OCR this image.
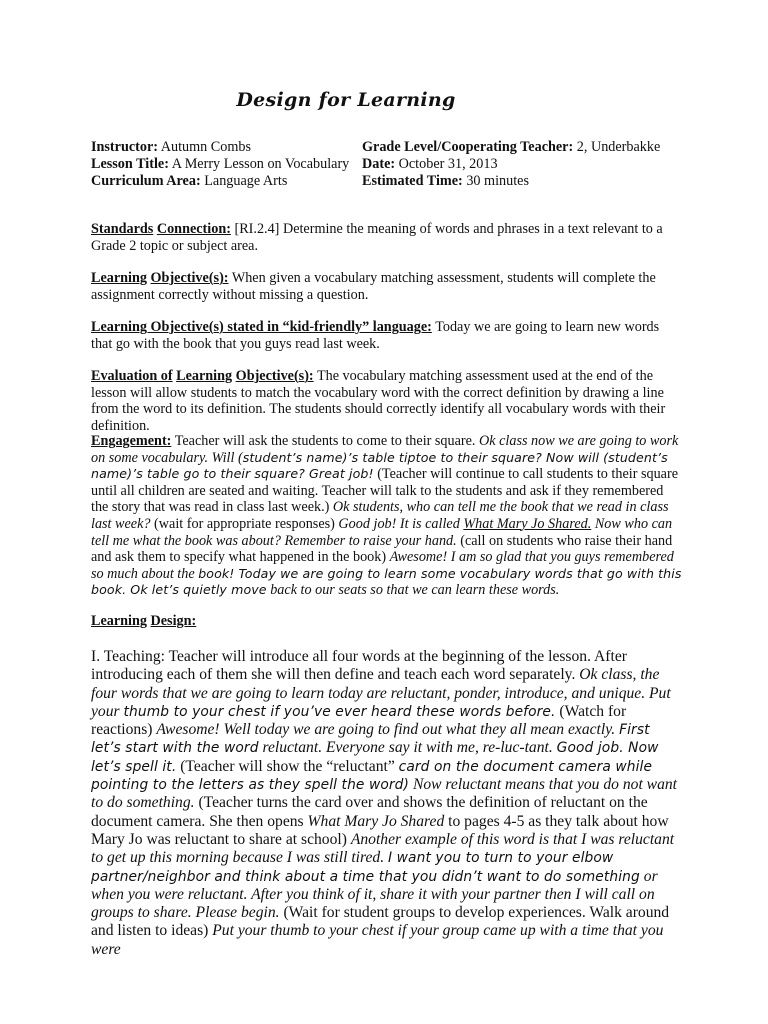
Design for Learning
Instructor: Autumn Combs
Lesson Title: A Merry Lesson on Vocabulary
Curriculum Area: Language Arts
Grade Level/Cooperating Teacher: 2, Underbakke
Date: October 31, 2013
Estimated Time: 30 minutes

Standards Connection: [RI.2.4] Determine the meaning of words and phrases in a text relevant to a Grade 2 topic or subject area.

Learning Objective(s): When given a vocabulary matching assessment, students will complete the assignment correctly without missing a question.

Learning Objective(s) stated in “kid-friendly” language: Today we are going to learn new words that go with the book that you guys read last week.

Evaluation of Learning Objective(s): The vocabulary matching assessment used at the end of the lesson will allow students to match the vocabulary word with the correct definition by drawing a line from the word to its definition. The students should correctly identify all vocabulary words with their definition.

Engagement: Teacher will ask the students to come to their square. Ok class now we are going to work on some vocabulary. Will (student’s name)’s table tiptoe to their square? Now will (student’s name)’s table go to their square? Great job! (Teacher will continue to call students to their square until all children are seated and waiting. Teacher will talk to the students and ask if they remembered the story that was read in class last week.) Ok students, who can tell me the book that we read in class last week? (wait for appropriate responses) Good job! It is called What Mary Jo Shared. Now who can tell me what the book was about? Remember to raise your hand. (call on students who raise their hand and ask them to specify what happened in the book) Awesome! I am so glad that you guys remembered so much about the book! Today we are going to learn some vocabulary words that go with this book. Ok let’s quietly move back to our seats so that we can learn these words.

Learning Design:

I. Teaching: Teacher will introduce all four words at the beginning of the lesson. After introducing each of them she will then define and teach each word separately. Ok class, the four words that we are going to learn today are reluctant, ponder, introduce, and unique. Put your thumb to your chest if you’ve ever heard these words before. (Watch for reactions) Awesome! Well today we are going to find out what they all mean exactly. First let’s start with the word reluctant. Everyone say it with me, re-luc-tant. Good job. Now let’s spell it. (Teacher will show the “reluctant” card on the document camera while pointing to the letters as they spell the word) Now reluctant means that you do not want to do something. (Teacher turns the card over and shows the definition of reluctant on the document camera. She then opens What Mary Jo Shared to pages 4-5 as they talk about how Mary Jo was reluctant to share at school) Another example of this word is that I was reluctant to get up this morning because I was still tired. I want you to turn to your elbow partner/neighbor and think about a time that you didn’t want to do something or when you were reluctant. After you think of it, share it with your partner then I will call on groups to share. Please begin. (Wait for student groups to develop experiences. Walk around and listen to ideas) Put your thumb to your chest if your group came up with a time that you were
